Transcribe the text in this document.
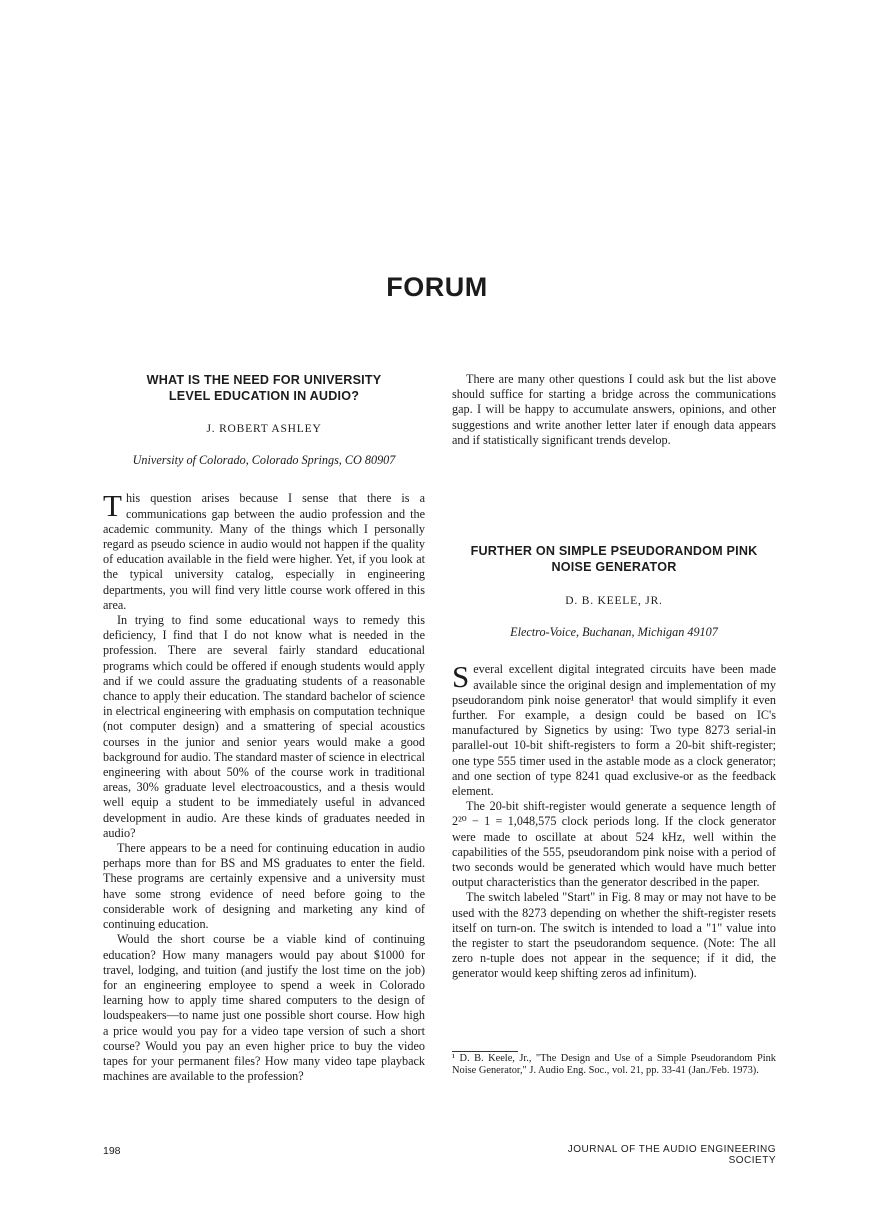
FORUM
WHAT IS THE NEED FOR UNIVERSITY
LEVEL EDUCATION IN AUDIO?
J. ROBERT ASHLEY
University of Colorado, Colorado Springs, CO 80907

This question arises because I sense that there is a communications gap between the audio profession and the academic community. Many of the things which I personally regard as pseudo science in audio would not happen if the quality of education available in the field were higher. Yet, if you look at the typical university catalog, especially in engineering departments, you will find very little course work offered in this area.

In trying to find some educational ways to remedy this deficiency, I find that I do not know what is needed in the profession. There are several fairly standard educational programs which could be offered if enough students would apply and if we could assure the graduating students of a reasonable chance to apply their education. The standard bachelor of science in electrical engineering with emphasis on computation technique (not computer design) and a smattering of special acoustics courses in the junior and senior years would make a good background for audio. The standard master of science in electrical engineering with about 50% of the course work in traditional areas, 30% graduate level electroacoustics, and a thesis would well equip a student to be immediately useful in advanced development in audio. Are these kinds of graduates needed in audio?

There appears to be a need for continuing education in audio perhaps more than for BS and MS graduates to enter the field. These programs are certainly expensive and a university must have some strong evidence of need before going to the considerable work of designing and marketing any kind of continuing education.

Would the short course be a viable kind of continuing education? How many managers would pay about $1000 for travel, lodging, and tuition (and justify the lost time on the job) for an engineering employee to spend a week in Colorado learning how to apply time shared computers to the design of loudspeakers—to name just one possible short course. How high a price would you pay for a video tape version of such a short course? Would you pay an even higher price to buy the video tapes for your permanent files? How many video tape playback machines are available to the profession?

There are many other questions I could ask but the list above should suffice for starting a bridge across the communications gap. I will be happy to accumulate answers, opinions, and other suggestions and write another letter later if enough data appears and if statistically significant trends develop.

FURTHER ON SIMPLE PSEUDORANDOM PINK
NOISE GENERATOR
D. B. KEELE, JR.
Electro-Voice, Buchanan, Michigan 49107

Several excellent digital integrated circuits have been made available since the original design and implementation of my pseudorandom pink noise generator¹ that would simplify it even further. For example, a design could be based on IC's manufactured by Signetics by using: Two type 8273 serial-in parallel-out 10-bit shift-registers to form a 20-bit shift-register; one type 555 timer used in the astable mode as a clock generator; and one section of type 8241 quad exclusive-or as the feedback element.

The 20-bit shift-register would generate a sequence length of 2²⁰ − 1 = 1,048,575 clock periods long. If the clock generator were made to oscillate at about 524 kHz, well within the capabilities of the 555, pseudorandom pink noise with a period of two seconds would be generated which would have much better output characteristics than the generator described in the paper.

The switch labeled "Start" in Fig. 8 may or may not have to be used with the 8273 depending on whether the shift-register resets itself on turn-on. The switch is intended to load a "1" value into the register to start the pseudorandom sequence. (Note: The all zero n-tuple does not appear in the sequence; if it did, the generator would keep shifting zeros ad infinitum).

¹ D. B. Keele, Jr., "The Design and Use of a Simple Pseudorandom Pink Noise Generator," J. Audio Eng. Soc., vol. 21, pp. 33-41 (Jan./Feb. 1973).
198	JOURNAL OF THE AUDIO ENGINEERING SOCIETY
